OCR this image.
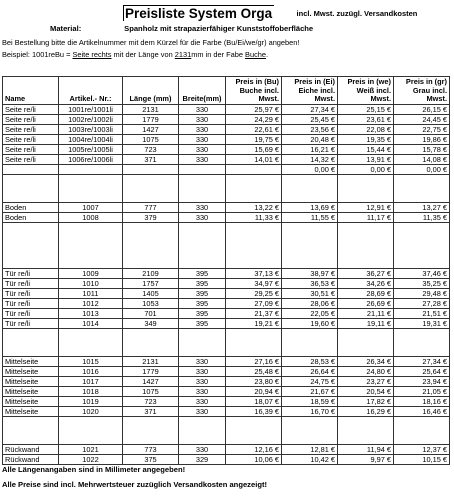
Preisliste System Orga	incl. Mwst. zuzügl. Versandkosten
Material:	Spanholz mit strapazierfähiger Kunststoffoberfläche
Bei Bestellung bitte die Artikelnummer mit dem Kürzel für die Farbe (Bu/Ei/we/gr) angeben!
Beispiel: 1001reBu = Seite rechts mit der Länge von 2131mm in der Fabe Buche.
Name	Artikel.- Nr.:	Länge (mm)	Breite(mm)	Preis in (Bu) Buche incl. Mwst.	Preis in (Ei) Eiche incl. Mwst.	Preis in (we) Weiß incl. Mwst.	Preis in (gr) Grau incl. Mwst.
Seite re/li	1001re/1001li	2131	330	25,97 €	27,34 €	25,15 €	26,15 €
Seite re/li	1002re/1002li	1779	330	24,29 €	25,45 €	23,61 €	24,45 €
Seite re/li	1003re/1003li	1427	330	22,61 €	23,56 €	22,08 €	22,75 €
Seite re/li	1004re/1004li	1075	330	19,75 €	20,48 €	19,35 €	19,86 €
Seite re/li	1005re/1005li	723	330	15,69 €	16,21 €	15,44 €	15,78 €
Seite re/li	1006re/1006li	371	330	14,01 €	14,32 €	13,91 €	14,08 €
					0,00 €	0,00 €	0,00 €

Boden	1007	777	330	13,22 €	13,69 €	12,91 €	13,27 €
Boden	1008	379	330	11,33 €	11,55 €	11,17 €	11,35 €

Tür re/li	1009	2109	395	37,13 €	38,97 €	36,27 €	37,46 €
Tür re/li	1010	1757	395	34,97 €	36,53 €	34,26 €	35,25 €
Tür re/li	1011	1405	395	29,25 €	30,51 €	28,69 €	29,48 €
Tür re/li	1012	1053	395	27,09 €	28,06 €	26,69 €	27,28 €
Tür re/li	1013	701	395	21,37 €	22,05 €	21,11 €	21,51 €
Tür re/li	1014	349	395	19,21 €	19,60 €	19,11 €	19,31 €

Mittelseite	1015	2131	330	27,16 €	28,53 €	26,34 €	27,34 €
Mittelseite	1016	1779	330	25,48 €	26,64 €	24,80 €	25,64 €
Mittelseite	1017	1427	330	23,80 €	24,75 €	23,27 €	23,94 €
Mittelseite	1018	1075	330	20,94 €	21,67 €	20,54 €	21,05 €
Mittelseite	1019	723	330	18,07 €	18,59 €	17,82 €	18,16 €
Mittelseite	1020	371	330	16,39 €	16,70 €	16,29 €	16,46 €

Rückwand	1021	773	330	12,16 €	12,81 €	11,94 €	12,37 €
Rückwand	1022	375	329	10,06 €	10,42 €	9,97 €	10,15 €
Alle Längenangaben sind in Millimeter angegeben!
Alle Preise sind incl. Mehrwertsteuer zuzüglich Versandkosten angezeigt!
